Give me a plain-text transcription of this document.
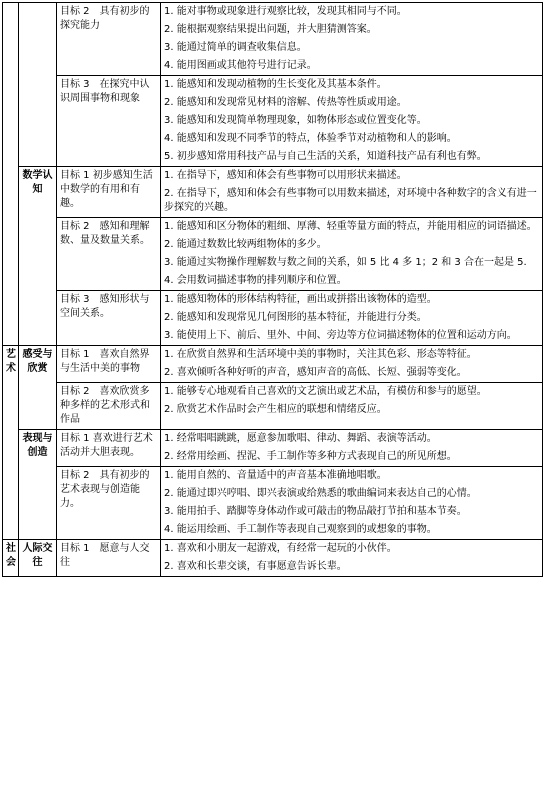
		目标 2　具有初步的探究能力	1. 能对事物或现象进行观察比较，发现其相同与不同。
2. 能根据观察结果提出问题，并大胆猜测答案。
3. 能通过简单的调查收集信息。
4. 能用图画或其他符号进行记录。

		目标 3　在探究中认识周围事物和现象	1. 能感知和发现动植物的生长变化及其基本条件。
2. 能感知和发现常见材料的溶解、传热等性质或用途。
3. 能感知和发现简单物理现象，如物体形态或位置变化等。
4. 能感知和发现不同季节的特点，体验季节对动植物和人的影响。
5. 初步感知常用科技产品与自己生活的关系，知道科技产品有利也有弊。

	数学认知	目标 1 初步感知生活中数学的有用和有趣。	1. 在指导下，感知和体会有些事物可以用形状来描述。
2. 在指导下，感知和体会有些事物可以用数来描述，对环境中各种数字的含义有进一步探究的兴趣。

		目标 2　感知和理解数、量及数量关系。	1. 能感知和区分物体的粗细、厚薄、轻重等量方面的特点，并能用相应的词语描述。
2. 能通过数数比较两组物体的多少。
3. 能通过实物操作理解数与数之间的关系，如 5 比 4 多 1；2 和 3 合在一起是 5.
4. 会用数词描述事物的排列顺序和位置。

		目标 3　感知形状与空间关系。	1. 能感知物体的形体结构特征，画出或拼搭出该物体的造型。
2. 能感知和发现常见几何图形的基本特征，并能进行分类。
3. 能使用上下、前后、里外、中间、旁边等方位词描述物体的位置和运动方向。

艺术	感受与欣赏	目标 1　喜欢自然界与生活中美的事物	1. 在欣赏自然界和生活环境中美的事物时，关注其色彩、形态等特征。
2. 喜欢倾听各种好听的声音，感知声音的高低、长短、强弱等变化。

		目标 2　喜欢欣赏多种多样的艺术形式和作品	1. 能够专心地观看自己喜欢的文艺演出或艺术品，有模仿和参与的愿望。
2. 欣赏艺术作品时会产生相应的联想和情绪反应。

	表现与创造	目标 1 喜欢进行艺术活动并大胆表现。	1. 经常唱唱跳跳，愿意参加歌唱、律动、舞蹈、表演等活动。
2. 经常用绘画、捏泥、手工制作等多种方式表现自己的所见所想。

		目标 2　具有初步的艺术表现与创造能力。	1. 能用自然的、音量适中的声音基本准确地唱歌。
2. 能通过即兴哼唱、即兴表演或给熟悉的歌曲编词来表达自己的心情。
3. 能用拍手、踏脚等身体动作或可敲击的物品敲打节拍和基本节奏。
4. 能运用绘画、手工制作等表现自己观察到的或想象的事物。

社会	人际交往	目标 1　愿意与人交往	1. 喜欢和小朋友一起游戏，有经常一起玩的小伙伴。
2. 喜欢和长辈交谈，有事愿意告诉长辈。
